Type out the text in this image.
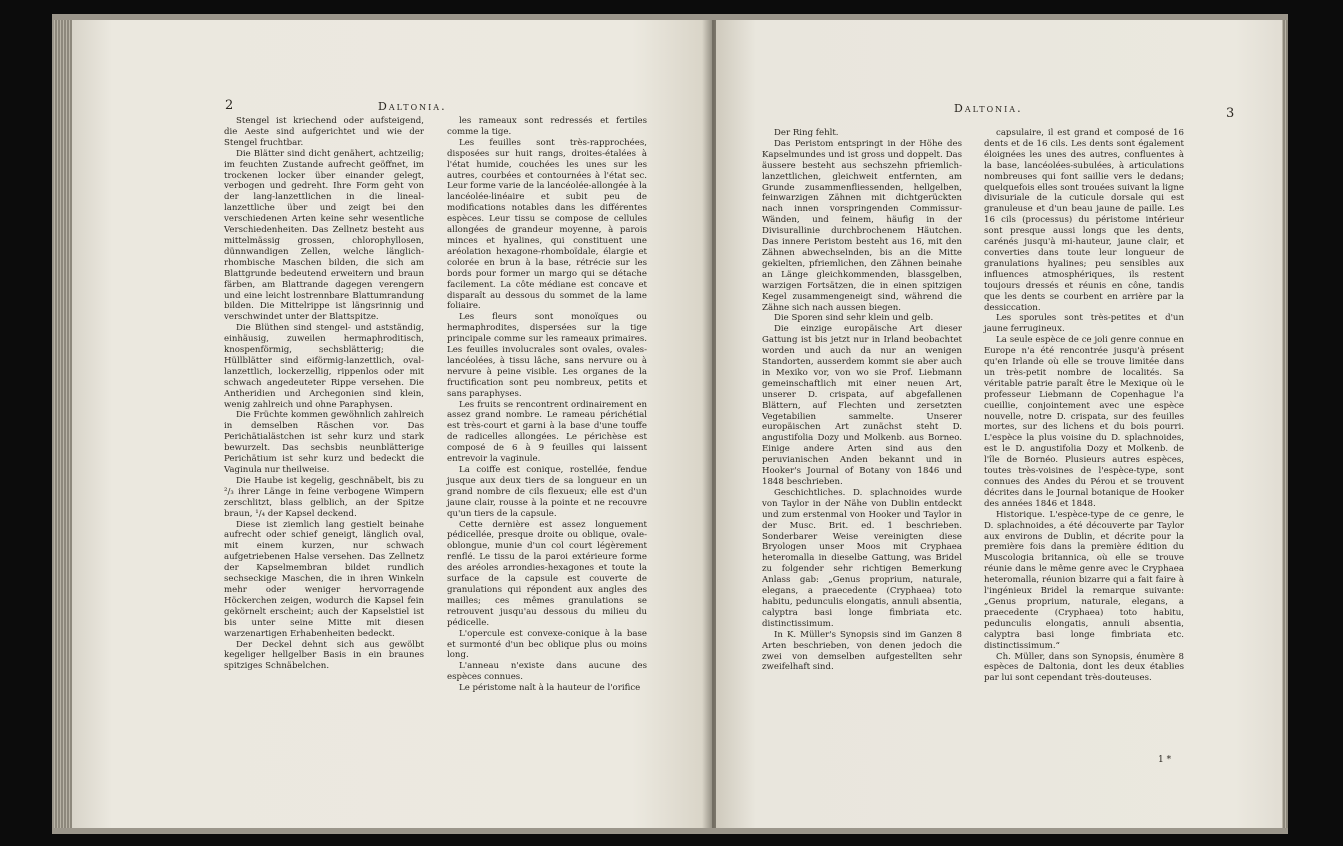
2	Daltonia.

Stengel ist kriechend oder aufsteigend, die Aeste sind aufgerichtet und wie der Stengel fruchtbar.

Die Blätter sind dicht genähert, achtzeilig; im feuchten Zustande aufrecht geöffnet, im trockenen locker über einander gelegt, verbogen und gedreht. Ihre Form geht von der lang-lanzettlichen in die lineal-lanzettliche über und zeigt bei den verschiedenen Arten keine sehr wesentliche Verschiedenheiten. Das Zellnetz besteht aus mittelmässig grossen, chlorophyllosen, dünnwandigen Zellen, welche länglich-rhombische Maschen bilden, die sich am Blattgrunde bedeutend erweitern und braun färben, am Blattrande dagegen verengern und eine leicht lostrennbare Blattumrandung bilden. Die Mittelrippe ist längsrinnig und verschwindet unter der Blattspitze.

Die Blüthen sind stengel- und astständig, einhäusig, zuweilen hermaphroditisch, knospenförmig, sechsblätterig; die Hüllblätter sind eiförmig-lanzettlich, oval-lanzettlich, lockerzellig, rippenlos oder mit schwach angedeuteter Rippe versehen. Die Antheridien und Archegonien sind klein, wenig zahlreich und ohne Paraphysen.

Die Früchte kommen gewöhnlich zahlreich in demselben Räschen vor. Das Perichätialästchen ist sehr kurz und stark bewurzelt. Das sechsbis neunblätterige Perichätium ist sehr kurz und bedeckt die Vaginula nur theilweise.

Die Haube ist kegelig, geschnäbelt, bis zu ²/₃ ihrer Länge in feine verbogene Wimpern zerschlitzt, blass gelblich, an der Spitze braun, ¹/₄ der Kapsel deckend.

Diese ist ziemlich lang gestielt beinahe aufrecht oder schief geneigt, länglich oval, mit einem kurzen, nur schwach aufgetriebenen Halse versehen. Das Zellnetz der Kapselmembran bildet rundlich sechseckige Maschen, die in ihren Winkeln mehr oder weniger hervorragende Höckerchen zeigen, wodurch die Kapsel fein gekörnelt erscheint; auch der Kapselstiel ist bis unter seine Mitte mit diesen warzenartigen Erhabenheiten bedeckt.

Der Deckel dehnt sich aus gewölbt kegeliger hellgelber Basis in ein braunes spitziges Schnäbelchen.

les rameaux sont redressés et fertiles comme la tige.

Les feuilles sont très-rapprochées, disposées sur huit rangs, droites-étalées à l'état humide, couchées les unes sur les autres, courbées et contournées à l'état sec. Leur forme varie de la lancéolée-allongée à la lancéolée-linéaire et subit peu de modifications notables dans les différentes espèces. Leur tissu se compose de cellules allongées de grandeur moyenne, à parois minces et hyalines, qui constituent une aréolation hexagone-rhomboïdale, élargie et colorée en brun à la base, rétrécie sur les bords pour former un margo qui se détache facilement. La côte médiane est concave et disparaît au dessous du sommet de la lame foliaire.

Les fleurs sont monoïques ou hermaphrodites, dispersées sur la tige principale comme sur les rameaux primaires. Les feuilles involucrales sont ovales, ovales-lancéolées, à tissu lâche, sans nervure ou à nervure à peine visible. Les organes de la fructification sont peu nombreux, petits et sans paraphyses.

Les fruits se rencontrent ordinairement en assez grand nombre. Le rameau périchétial est très-court et garni à la base d'une touffe de radicelles allongées. Le périchèse est composé de 6 à 9 feuilles qui laissent entrevoir la vaginule.

La coiffe est conique, rostellée, fendue jusque aux deux tiers de sa longueur en un grand nombre de cils flexueux; elle est d'un jaune clair, rousse à la pointe et ne recouvre qu'un tiers de la capsule.

Cette dernière est assez longuement pédicellée, presque droite ou oblique, ovale-oblongue, munie d'un col court légèrement renflé. Le tissu de la paroi extérieure forme des aréoles arrondies-hexagones et toute la surface de la capsule est couverte de granulations qui répondent aux angles des mailles; ces mêmes granulations se retrouvent jusqu'au dessous du milieu du pédicelle.

L'opercule est convexe-conique à la base et surmonté d'un bec oblique plus ou moins long.

L'anneau n'existe dans aucune des espèces connues.

Le péristome naît à la hauteur de l'orifice

Daltonia.	3

Der Ring fehlt.

Das Peristom entspringt in der Höhe des Kapselmundes und ist gross und doppelt. Das äussere besteht aus sechszehn pfriemlich-lanzettlichen, gleichweit entfernten, am Grunde zusammenfliessenden, hellgelben, feinwarzigen Zähnen mit dichtgerückten nach innen vorspringenden Commissur-Wänden, und feinem, häufig in der Divisurallinie durchbrochenem Häutchen. Das innere Peristom besteht aus 16, mit den Zähnen abwechselnden, bis an die Mitte gekielten, pfriemlichen, den Zähnen beinahe an Länge gleichkommenden, blassgelben, warzigen Fortsätzen, die in einen spitzigen Kegel zusammengeneigt sind, während die Zähne sich nach aussen biegen.

Die Sporen sind sehr klein und gelb.

Die einzige europäische Art dieser Gattung ist bis jetzt nur in Irland beobachtet worden und auch da nur an wenigen Standorten, ausserdem kommt sie aber auch in Mexiko vor, von wo sie Prof. Liebmann gemeinschaftlich mit einer neuen Art, unserer D. crispata, auf abgefallenen Blättern, auf Flechten und zersetzten Vegetabilien sammelte. Unserer europäischen Art zunächst steht D. angustifolia Dozy und Molkenb. aus Borneo. Einige andere Arten sind aus den peruvianischen Anden bekannt und in Hooker's Journal of Botany von 1846 und 1848 beschrieben.

Geschichtliches. D. splachnoides wurde von Taylor in der Nähe von Dublin entdeckt und zum erstenmal von Hooker und Taylor in der Musc. Brit. ed. 1 beschrieben. Sonderbarer Weise vereinigten diese Bryologen unser Moos mit Cryphaea heteromalla in dieselbe Gattung, was Bridel zu folgender sehr richtigen Bemerkung Anlass gab: „Genus proprium, naturale, elegans, a praecedente (Cryphaea) toto habitu, pedunculis elongatis, annuli absentia, calyptra basi longe fimbriata etc. distinctissimum.

In K. Müller's Synopsis sind im Ganzen 8 Arten beschrieben, von denen jedoch die zwei von demselben aufgestellten sehr zweifelhaft sind.

capsulaire, il est grand et composé de 16 dents et de 16 cils. Les dents sont également éloignées les unes des autres, confluentes à la base, lancéolées-subulées, à articulations nombreuses qui font saillie vers le dedans; quelquefois elles sont trouées suivant la ligne divisuriale de la cuticule dorsale qui est granuleuse et d'un beau jaune de paille. Les 16 cils (processus) du péristome intérieur sont presque aussi longs que les dents, carénés jusqu'à mi-hauteur, jaune clair, et converties dans toute leur longueur de granulations hyalines; peu sensibles aux influences atmosphériques, ils restent toujours dressés et réunis en cône, tandis que les dents se courbent en arrière par la dessiccation.

Les sporules sont très-petites et d'un jaune ferrugineux.

La seule espèce de ce joli genre connue en Europe n'a été rencontrée jusqu'à présent qu'en Irlande où elle se trouve limitée dans un très-petit nombre de localités. Sa véritable patrie paraît être le Mexique où le professeur Liebmann de Copenhague l'a cueillie, conjointement avec une espèce nouvelle, notre D. crispata, sur des feuilles mortes, sur des lichens et du bois pourri. L'espèce la plus voisine du D. splachnoides, est le D. angustifolia Dozy et Molkenb. de l'île de Bornéo. Plusieurs autres espèces, toutes très-voisines de l'espèce-type, sont connues des Andes du Pérou et se trouvent décrites dans le Journal botanique de Hooker des années 1846 et 1848.

Historique. L'espèce-type de ce genre, le D. splachnoides, a été découverte par Taylor aux environs de Dublin, et décrite pour la première fois dans la première édition du Muscologia britannica, où elle se trouve réunie dans le même genre avec le Cryphaea heteromalla, réunion bizarre qui a fait faire à l'ingénieux Bridel la remarque suivante: „Genus proprium, naturale, elegans, a praecedente (Cryphaea) toto habitu, pedunculis elongatis, annuli absentia, calyptra basi longe fimbriata etc. distinctissimum.“

Ch. Müller, dans son Synopsis, énumère 8 espèces de Daltonia, dont les deux établies par lui sont cependant très-douteuses.

1 *
